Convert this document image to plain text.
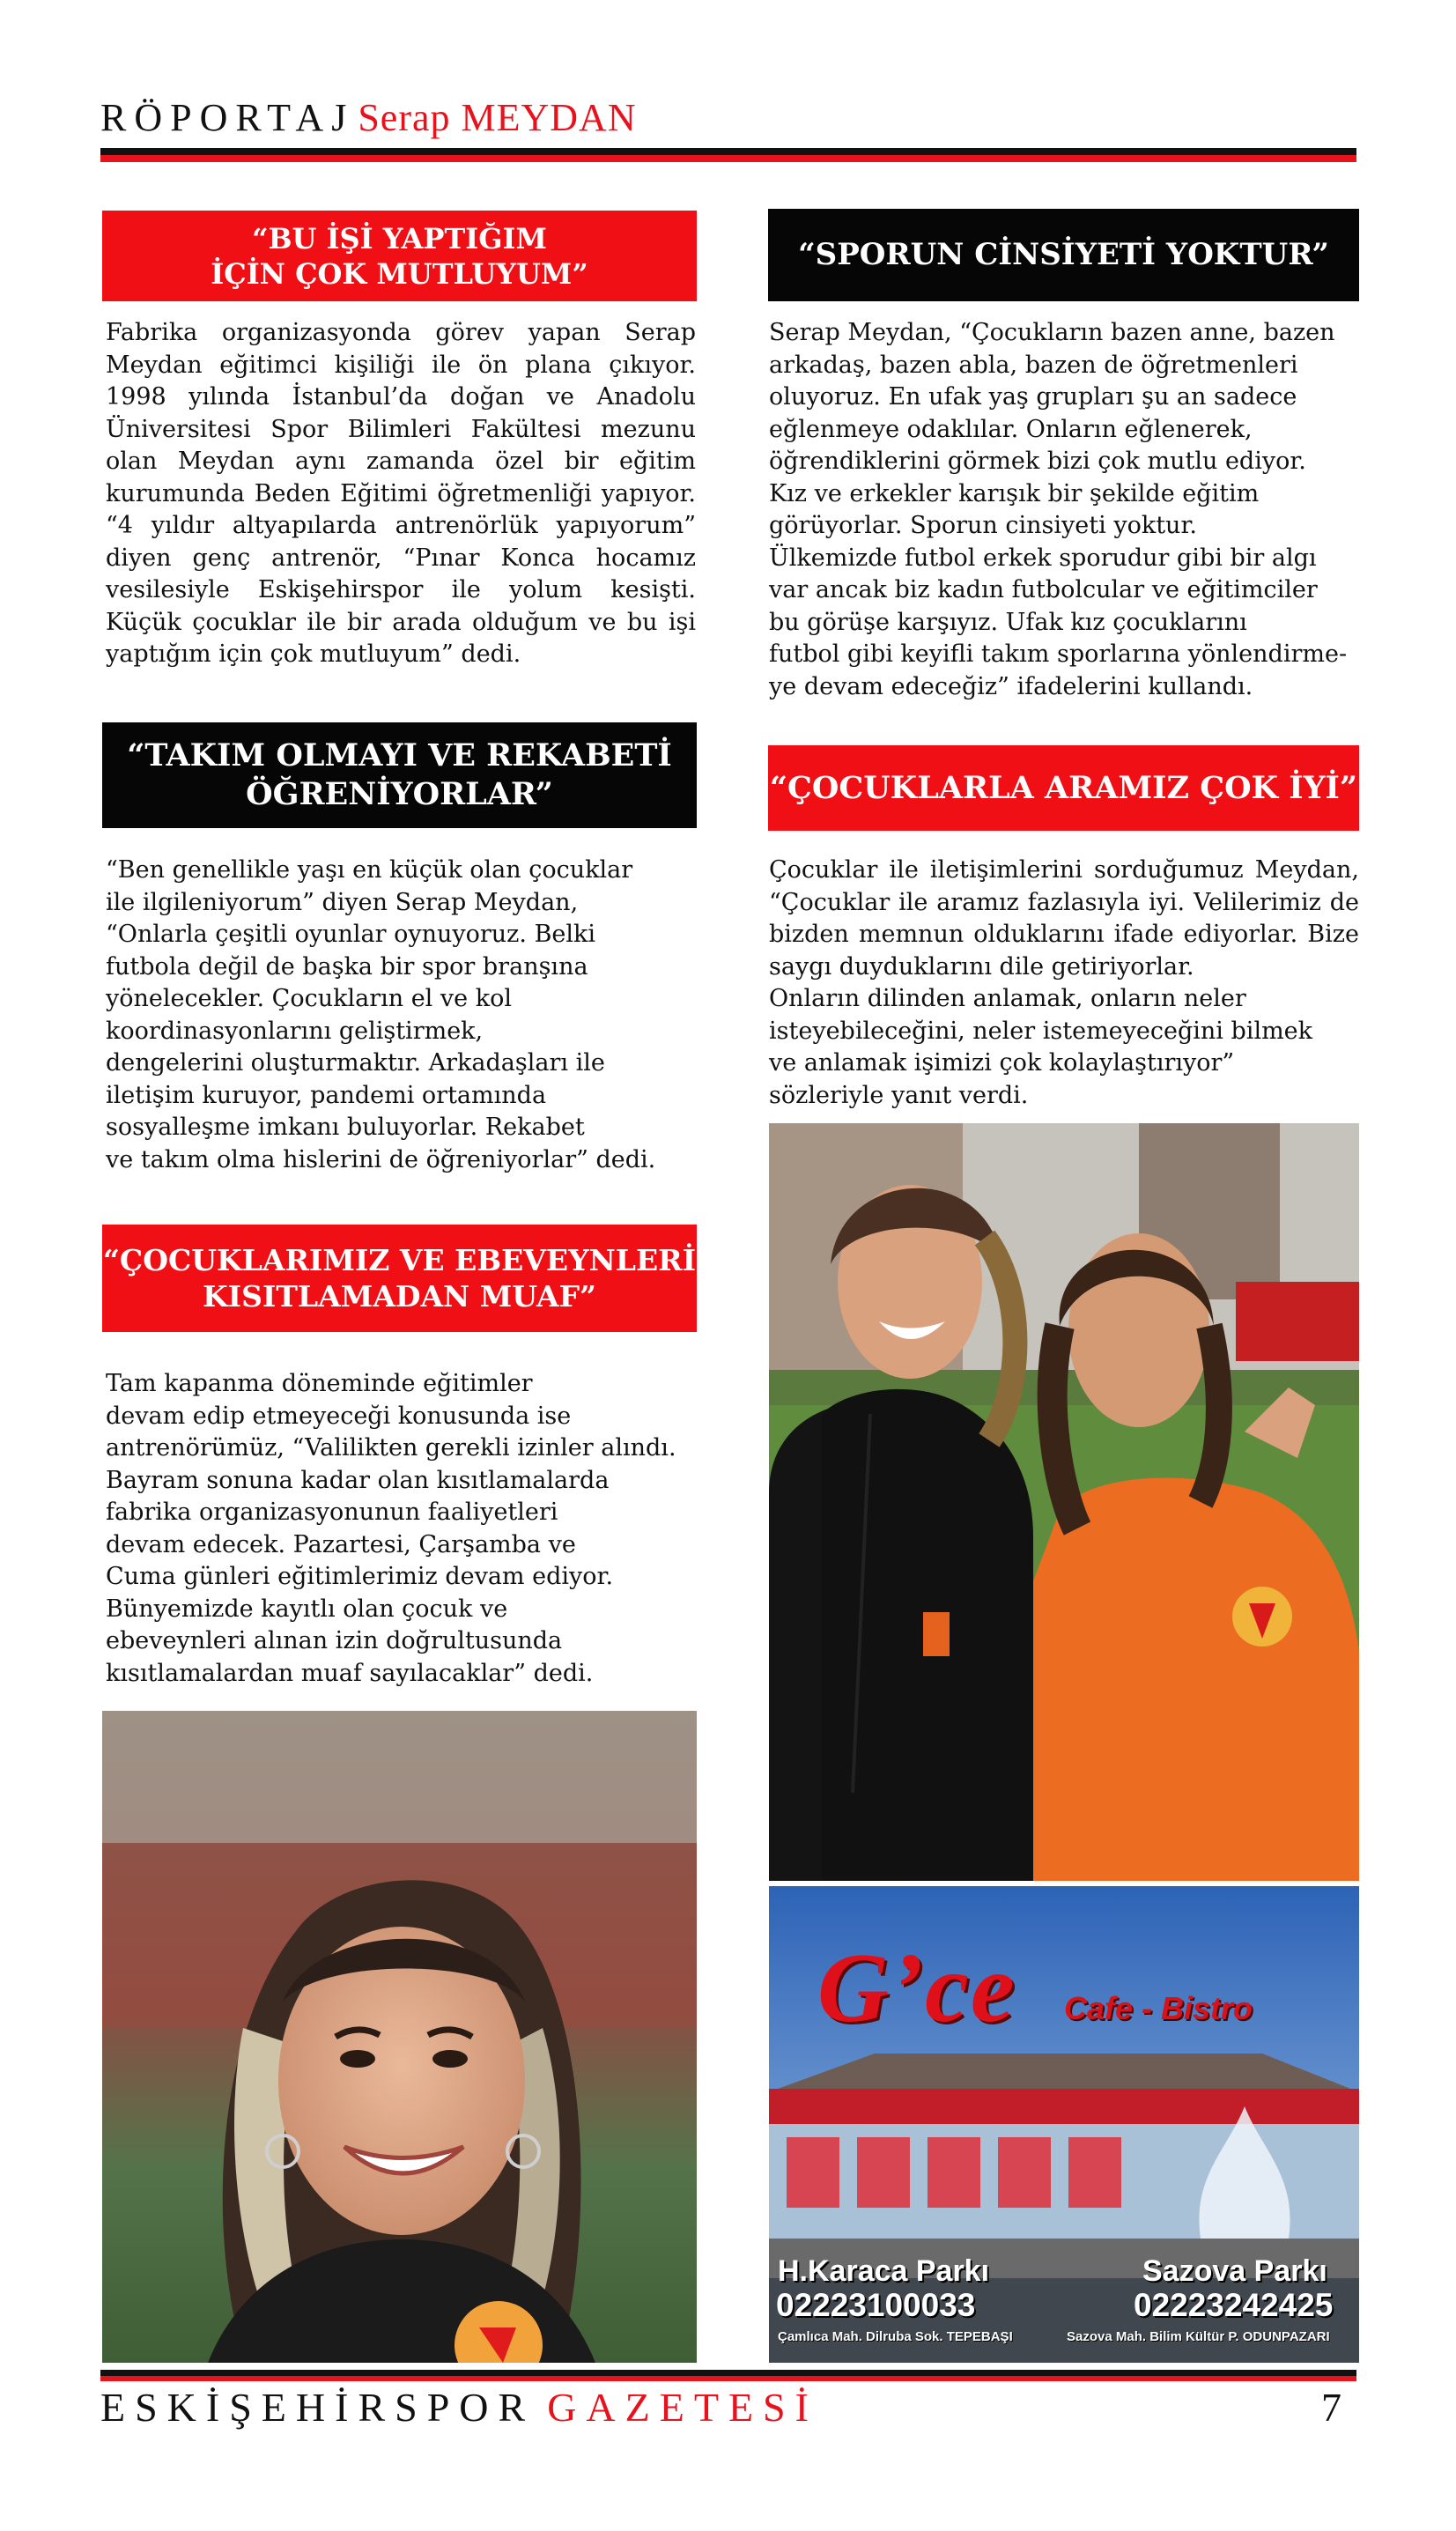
RÖPORTAJSerap MEYDAN
“BU İŞİ YAPTIĞIM
İÇİN ÇOK MUTLUYUM”

Fabrika organizasyonda görev yapan Serap Meydan eğitimci kişiliği ile ön plana çıkıyor. 1998 yılında İstanbul’da doğan ve Anadolu Üniversitesi Spor Bilimleri Fakültesi mezunu olan Meydan aynı zamanda özel bir eğitim kurumunda Beden Eğitimi öğretmenliği yapıyor. “4 yıldır altyapılarda antrenörlük yapıyorum” diyen genç antrenör, “Pınar Konca hocamız vesilesiyle Eskişehirspor ile yolum kesişti. Küçük çocuklar ile bir arada olduğum ve bu işi yaptığım için çok mutluyum” dedi.

“TAKIM OLMAYI VE REKABETİ
ÖĞRENİYORLAR”

“Ben genellikle yaşı en küçük olan çocuklar
ile ilgileniyorum” diyen Serap Meydan,
“Onlarla çeşitli oyunlar oynuyoruz. Belki
futbola değil de başka bir spor branşına
yönelecekler. Çocukların el ve kol
koordinasyonlarını geliştirmek,
dengelerini oluşturmaktır. Arkadaşları ile
iletişim kuruyor, pandemi ortamında
sosyalleşme imkanı buluyorlar. Rekabet
ve takım olma hislerini de öğreniyorlar” dedi.

“ÇOCUKLARIMIZ VE EBEVEYNLERİ
KISITLAMADAN MUAF”

Tam kapanma döneminde eğitimler
devam edip etmeyeceği konusunda ise
antrenörümüz, “Valilikten gerekli izinler alındı.
Bayram sonuna kadar olan kısıtlamalarda
fabrika organizasyonunun faaliyetleri
devam edecek. Pazartesi, Çarşamba ve
Cuma günleri eğitimlerimiz devam ediyor.
Bünyemizde kayıtlı olan çocuk ve
ebeveynleri alınan izin doğrultusunda
kısıtlamalardan muaf sayılacaklar” dedi.

“SPORUN CİNSİYETİ YOKTUR”

Serap Meydan, “Çocukların bazen anne, bazen
arkadaş, bazen abla, bazen de öğretmenleri
oluyoruz. En ufak yaş grupları şu an sadece
eğlenmeye odaklılar. Onların eğlenerek,
öğrendiklerini görmek bizi çok mutlu ediyor.
Kız ve erkekler karışık bir şekilde eğitim
görüyorlar. Sporun cinsiyeti yoktur.
Ülkemizde futbol erkek sporudur gibi bir algı
var ancak biz kadın futbolcular ve eğitimciler
bu görüşe karşıyız. Ufak kız çocuklarını
futbol gibi keyifli takım sporlarına yönlendirme-
ye devam edeceğiz” ifadelerini kullandı.

“ÇOCUKLARLA ARAMIZ ÇOK İYİ”

Çocuklar ile iletişimlerini sorduğumuz Meydan, “Çocuklar ile aramız fazlasıyla iyi. Velilerimiz de bizden memnun olduklarını ifade ediyorlar. Bize saygı duyduklarını dile getiriyorlar.

Onların dilinden anlamak, onların neler
isteyebileceğini, neler istemeyeceğini bilmek
ve anlamak işimizi çok kolaylaştırıyor”
sözleriyle yanıt verdi.

G’ce Cafe - Bistro
H.Karaca Parkı
02223100033
Çamlıca Mah. Dilruba Sok. TEPEBAŞI
Sazova Parkı
02223242425
Sazova Mah. Bilim Kültür P. ODUNPAZARI
ESKİŞEHİRSPOR GAZETESİ	7
